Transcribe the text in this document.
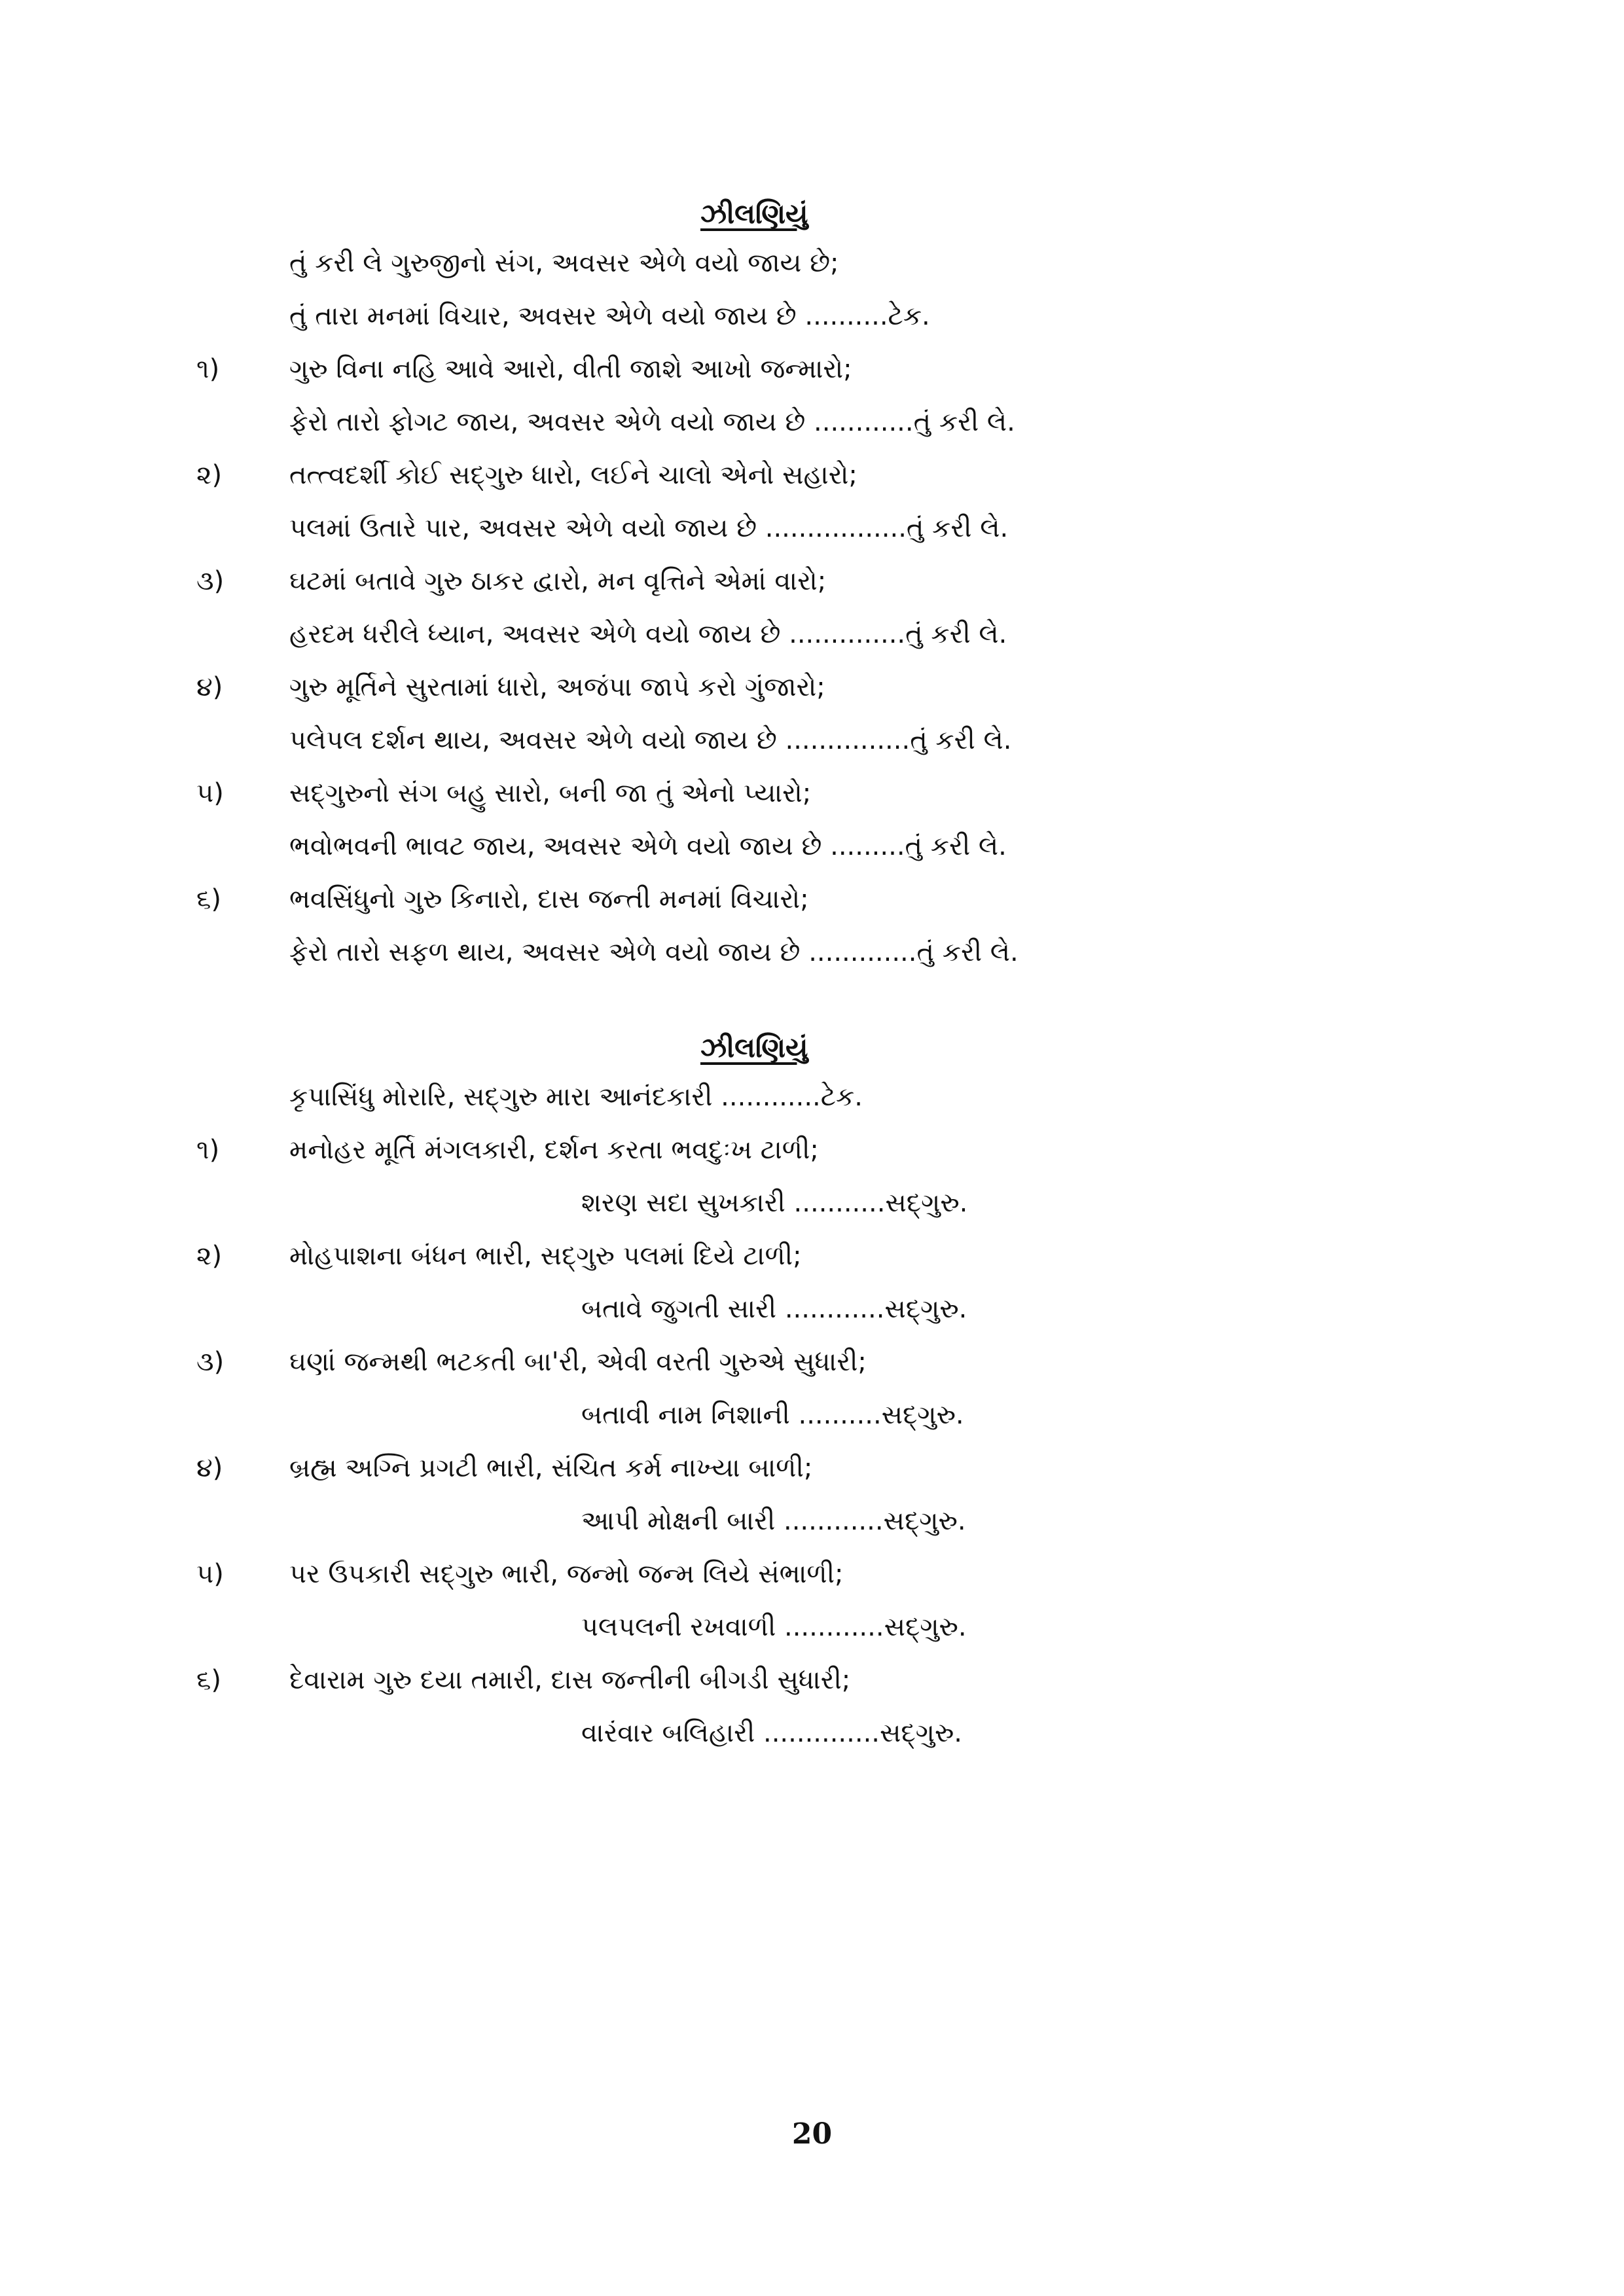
ઝીલણિયું
તું કરી લે ગુરુજીનો સંગ, અવસર એળે વયો જાય છે;
તું તારા મનમાં વિચાર, અવસર એળે વયો જાય છે ..........ટેક.
૧)	ગુરુ વિના નહિ આવે આરો, વીતી જાશે આખો જન્મારો;
ફેરો તારો ફોગટ જાય, અવસર એળે વયો જાય છે ............તું કરી લે.
૨)	તત્ત્વદર્શી કોઈ સદ્‌ગુરુ ધારો, લઈને ચાલો એનો સહારો;
પલમાં ઉતારે પાર, અવસર એળે વયો જાય છે .................તું કરી લે.
૩)	ઘટમાં બતાવે ગુરુ ઠાકર દ્વારો, મન વૃત્તિને એમાં વારો;
હરદમ ધરીલે ધ્યાન, અવસર એળે વયો જાય છે ..............તું કરી લે.
૪)	ગુરુ મૂર્તિને સુરતામાં ધારો, અજંપા જાપે કરો ગુંજારો;
પલેપલ દર્શન થાય, અવસર એળે વયો જાય છે ...............તું કરી લે.
૫)	સદ્‌ગુરુનો સંગ બહુ સારો, બની જા તું એનો પ્યારો;
ભવોભવની ભાવટ જાય, અવસર એળે વયો જાય છે .........તું કરી લે.
૬)	ભવસિંધુનો ગુરુ કિનારો, દાસ જન્તી મનમાં વિચારો;
ફેરો તારો સફળ થાય, અવસર એળે વયો જાય છે .............તું કરી લે.
ઝીલણિયું
કૃપાસિંધુ મોરારિ, સદ્‌ગુરુ મારા આનંદકારી ............ટેક.
૧)	મનોહર મૂર્તિ મંગલકારી, દર્શન કરતા ભવદુઃખ ટાળી;
શરણ સદા સુખકારી ...........સદ્‌ગુરુ.
૨)	મોહપાશના બંધન ભારી, સદ્‌ગુરુ પલમાં દિયે ટાળી;
બતાવે જુગતી સારી ............સદ્‌ગુરુ.
૩)	ઘણાં જન્મથી ભટકતી બા'રી, એવી વરતી ગુરુએ સુધારી;
બતાવી નામ નિશાની ..........સદ્‌ગુરુ.
૪)	બ્રહ્મ અગ્નિ પ્રગટી ભારી, સંચિત કર્મ નાખ્યા બાળી;
આપી મોક્ષની બારી ............સદ્‌ગુરુ.
૫)	પર ઉપકારી સદ્‌ગુરુ ભારી, જન્મો જન્મ લિયે સંભાળી;
પલપલની રખવાળી ............સદ્‌ગુરુ.
૬)	દેવારામ ગુરુ દયા તમારી, દાસ જન્તીની બીગડી સુધારી;
વારંવાર બલિહારી ..............સદ્‌ગુરુ.
20
